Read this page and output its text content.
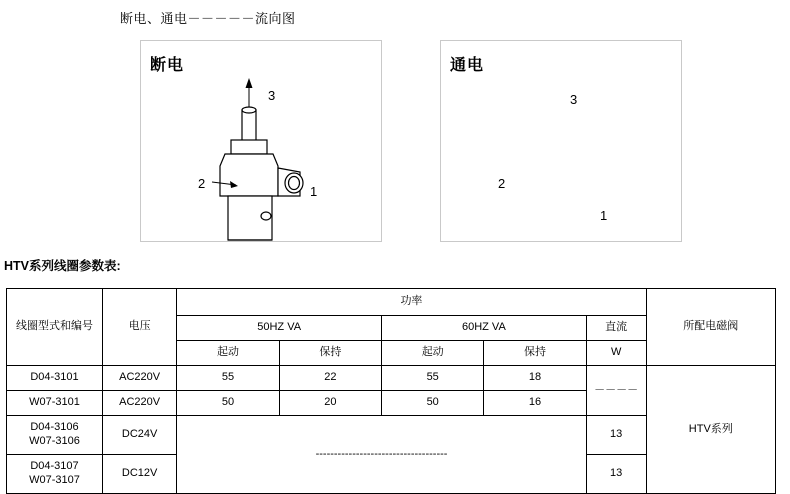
断电、通电－－－－－流向图
断电
3
2
1
通电
3
2
1
HTV系列线圈参数表:
线圈型式和编号	电压	功率					所配电磁阀
		50HZ VA		60HZ VA		直流	
		起动	保持	起动	保持	W	
D04-3101	AC220V	55	22	55	18	－－－－	HTV系列
W07-3101	AC220V	50	20	50	16		

D04-3106
W07-3106	DC24V	------------------------------------				13	

D04-3107
W07-3107	DC12V					13	
